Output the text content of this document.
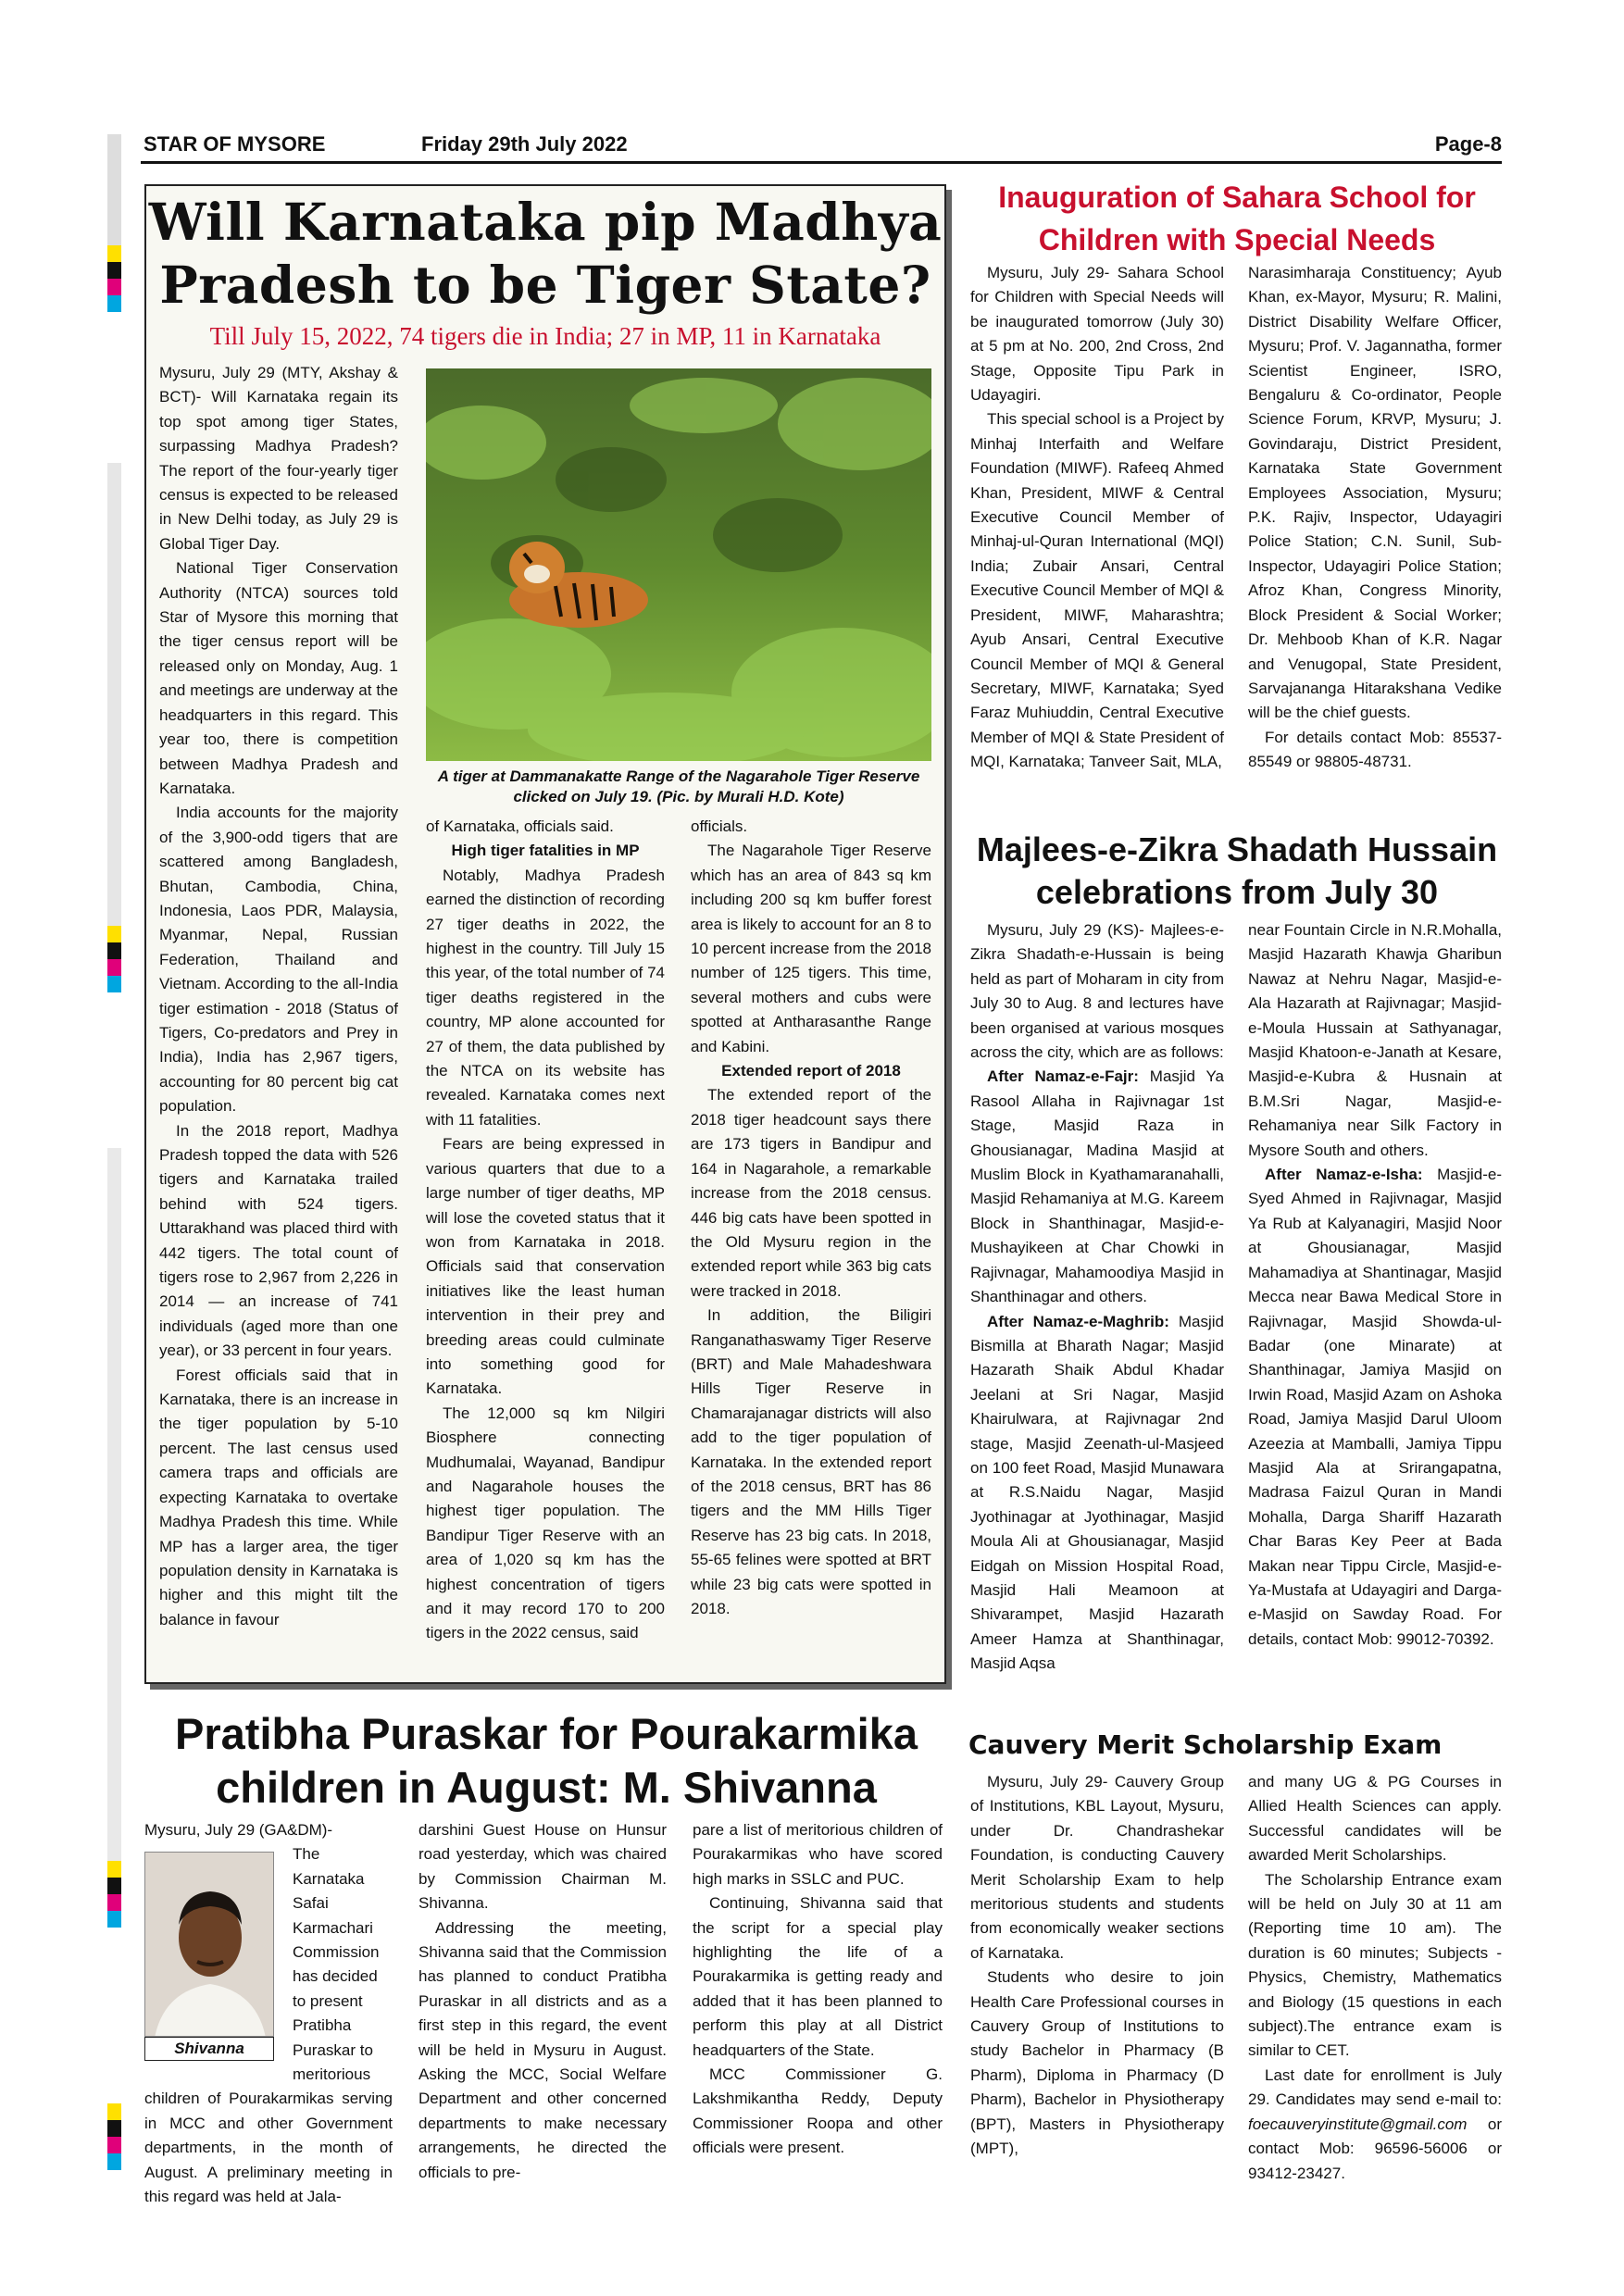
STAR OF MYSORE	Friday 29th July 2022	Page-8
Will Karnataka pip Madhya Pradesh to be Tiger State?
Till July 15, 2022, 74 tigers die in India; 27 in MP, 11 in Karnataka
A tiger at Dammanakatte Range of the Nagarahole Tiger Reserve clicked on July 19. (Pic. by Murali H.D. Kote)

Mysuru, July 29 (MTY, Akshay & BCT)- Will Karnataka regain its top spot among tiger States, surpassing Madhya Pradesh? The report of the four-yearly tiger census is expected to be released in New Delhi today, as July 29 is Global Tiger Day.

National Tiger Conservation Authority (NTCA) sources told Star of Mysore this morning that the tiger census report will be released only on Monday, Aug. 1 and meetings are underway at the headquarters in this regard. This year too, there is competition between Madhya Pradesh and Karnataka.

India accounts for the majority of the 3,900-odd tigers that are scattered among Bangladesh, Bhutan, Cambodia, China, Indonesia, Laos PDR, Malaysia, Myanmar, Nepal, Russian Federation, Thailand and Vietnam. According to the all-India tiger estimation - 2018 (Status of Tigers, Co-predators and Prey in India), India has 2,967 tigers, accounting for 80 percent big cat population.

In the 2018 report, Madhya Pradesh topped the data with 526 tigers and Karnataka trailed behind with 524 tigers. Uttarakhand was placed third with 442 tigers. The total count of tigers rose to 2,967 from 2,226 in 2014 — an increase of 741 individuals (aged more than one year), or 33 percent in four years.

Forest officials said that in Karnataka, there is an increase in the tiger population by 5-10 percent. The last census used camera traps and officials are expecting Karnataka to overtake Madhya Pradesh this time. While MP has a larger area, the tiger population density in Karnataka is higher and this might tilt the balance in favour

of Karnataka, officials said.

High tiger fatalities in MP

Notably, Madhya Pradesh earned the distinction of recording 27 tiger deaths in 2022, the highest in the country. Till July 15 this year, of the total number of 74 tiger deaths registered in the country, MP alone accounted for 27 of them, the data published by the NTCA on its website has revealed. Karnataka comes next with 11 fatalities.

Fears are being expressed in various quarters that due to a large number of tiger deaths, MP will lose the coveted status that it won from Karnataka in 2018. Officials said that conservation initiatives like the least human intervention in their prey and breeding areas could culminate into something good for Karnataka.

The 12,000 sq km Nilgiri Biosphere connecting Mudhumalai, Wayanad, Bandipur and Nagarahole houses the highest tiger population. The Bandipur Tiger Reserve with an area of 1,020 sq km has the highest concentration of tigers and it may record 170 to 200 tigers in the 2022 census, said

officials.

The Nagarahole Tiger Reserve which has an area of 843 sq km including 200 sq km buffer forest area is likely to account for an 8 to 10 percent increase from the 2018 number of 125 tigers. This time, several mothers and cubs were spotted at Antharasanthe Range and Kabini.

Extended report of 2018

The extended report of the 2018 tiger headcount says there are 173 tigers in Bandipur and 164 in Nagarahole, a remarkable increase from the 2018 census. 446 big cats have been spotted in the Old Mysuru region in the extended report while 363 big cats were tracked in 2018.

In addition, the Biligiri Ranganathaswamy Tiger Reserve (BRT) and Male Mahadeshwara Hills Tiger Reserve in Chamarajanagar districts will also add to the tiger population of Karnataka. In the extended report of the 2018 census, BRT has 86 tigers and the MM Hills Tiger Reserve has 23 big cats. In 2018, 55-65 felines were spotted at BRT while 23 big cats were spotted in 2018.

Inauguration of Sahara School for Children with Special Needs

Mysuru, July 29- Sahara School for Children with Special Needs will be inaugurated tomorrow (July 30) at 5 pm at No. 200, 2nd Cross, 2nd Stage, Opposite Tipu Park in Udayagiri.

This special school is a Project by Minhaj Interfaith and Welfare Foundation (MIWF). Rafeeq Ahmed Khan, President, MIWF & Central Executive Council Member of Minhaj-ul-Quran International (MQI) India; Zubair Ansari, Central Executive Council Member of MQI & President, MIWF, Maharashtra; Ayub Ansari, Central Executive Council Member of MQI & General Secretary, MIWF, Karnataka; Syed Faraz Muhiuddin, Central Executive Member of MQI & State President of MQI, Karnataka; Tanveer Sait, MLA,

Narasimharaja Constituency; Ayub Khan, ex-Mayor, Mysuru; R. Malini, District Disability Welfare Officer, Mysuru; Prof. V. Jagannatha, former Scientist Engineer, ISRO, Bengaluru & Co-ordinator, People Science Forum, KRVP, Mysuru; J. Govindaraju, District President, Karnataka State Government Employees Association, Mysuru; P.K. Rajiv, Inspector, Udayagiri Police Station; C.N. Sunil, Sub-Inspector, Udayagiri Police Station; Afroz Khan, Congress Minority, Block President & Social Worker; Dr. Mehboob Khan of K.R. Nagar and Venugopal, State President, Sarvajananga Hitarakshana Vedike will be the chief guests.

For details contact Mob: 85537-85549 or 98805-48731.

Majlees-e-Zikra Shadath Hussain celebrations from July 30

Mysuru, July 29 (KS)- Majlees-e-Zikra Shadath-e-Hussain is being held as part of Moharam in city from July 30 to Aug. 8 and lectures have been organised at various mosques across the city, which are as follows:

After Namaz-e-Fajr: Masjid Ya Rasool Allaha in Rajivnagar 1st Stage, Masjid Raza in Ghousianagar, Madina Masjid at Muslim Block in Kyathamaranahalli, Masjid Rehamaniya at M.G. Kareem Block in Shanthinagar, Masjid-e-Mushayikeen at Char Chowki in Rajivnagar, Mahamoodiya Masjid in Shanthinagar and others.

After Namaz-e-Maghrib: Masjid Bismilla at Bharath Nagar; Masjid Hazarath Shaik Abdul Khadar Jeelani at Sri Nagar, Masjid Khairulwara, at Rajivnagar 2nd stage, Masjid Zeenath-ul-Masjeed on 100 feet Road, Masjid Munawara at R.S.Naidu Nagar, Masjid Jyothinagar at Jyothinagar, Masjid Moula Ali at Ghousianagar, Masjid Eidgah on Mission Hospital Road, Masjid Hali Meamoon at Shivarampet, Masjid Hazarath Ameer Hamza at Shanthinagar, Masjid Aqsa

near Fountain Circle in N.R.Mohalla, Masjid Hazarath Khawja Gharibun Nawaz at Nehru Nagar, Masjid-e-Ala Hazarath at Rajivnagar; Masjid-e-Moula Hussain at Sathyanagar, Masjid Khatoon-e-Janath at Kesare, Masjid-e-Kubra & Husnain at B.M.Sri Nagar, Masjid-e-Rehamaniya near Silk Factory in Mysore South and others.

After Namaz-e-Isha: Masjid-e-Syed Ahmed in Rajivnagar, Masjid Ya Rub at Kalyanagiri, Masjid Noor at Ghousianagar, Masjid Mahamadiya at Shantinagar, Masjid Mecca near Bawa Medical Store in Rajivnagar, Masjid Showda-ul-Badar (one Minarate) at Shanthinagar, Jamiya Masjid on Irwin Road, Masjid Azam on Ashoka Road, Jamiya Masjid Darul Uloom Azeezia at Mamballi, Jamiya Tippu Masjid Ala at Srirangapatna, Madrasa Faizul Quran in Mandi Mohalla, Darga Shariff Hazarath Char Baras Key Peer at Bada Makan near Tippu Circle, Masjid-e-Ya-Mustafa at Udayagiri and Darga-e-Masjid on Sawday Road. For details, contact Mob: 99012-70392.

Pratibha Puraskar for Pourakarmika children in August: M. Shivanna
Shivanna

Mysuru, July 29 (GA&DM)-

The Karnataka Safai Karmachari Commission has decided to present Pratibha Puraskar to meritorious

children of Pourakarmikas serving in MCC and other Government departments, in the month of August. A preliminary meeting in this regard was held at Jala-

darshini Guest House on Hunsur road yesterday, which was chaired by Commission Chairman M. Shivanna.

Addressing the meeting, Shivanna said that the Commission has planned to conduct Pratibha Puraskar in all districts and as a first step in this regard, the event will be held in Mysuru in August. Asking the MCC, Social Welfare Department and other concerned departments to make necessary arrangements, he directed the officials to pre-

pare a list of meritorious children of Pourakarmikas who have scored high marks in SSLC and PUC.

Continuing, Shivanna said that the script for a special play highlighting the life of a Pourakarmika is getting ready and added that it has been planned to perform this play at all District headquarters of the State.

MCC Commissioner G. Lakshmikantha Reddy, Deputy Commissioner Roopa and other officials were present.

Cauvery Merit Scholarship Exam

Mysuru, July 29- Cauvery Group of Institutions, KBL Layout, Mysuru, under Dr. Chandrashekar Foundation, is conducting Cauvery Merit Scholarship Exam to help meritorious students and students from economically weaker sections of Karnataka.

Students who desire to join Health Care Professional courses in Cauvery Group of Institutions to study Bachelor in Pharmacy (B Pharm), Diploma in Pharmacy (D Pharm), Bachelor in Physiotherapy (BPT), Masters in Physiotherapy (MPT),

and many UG & PG Courses in Allied Health Sciences can apply. Successful candidates will be awarded Merit Scholarships.

The Scholarship Entrance exam will be held on July 30 at 11 am (Reporting time 10 am). The duration is 60 minutes; Subjects - Physics, Chemistry, Mathematics and Biology (15 questions in each subject).The entrance exam is similar to CET.

Last date for enrollment is July 29. Candidates may send e-mail to: foecauveryinstitute@gmail.com or contact Mob: 96596-56006 or 93412-23427.
